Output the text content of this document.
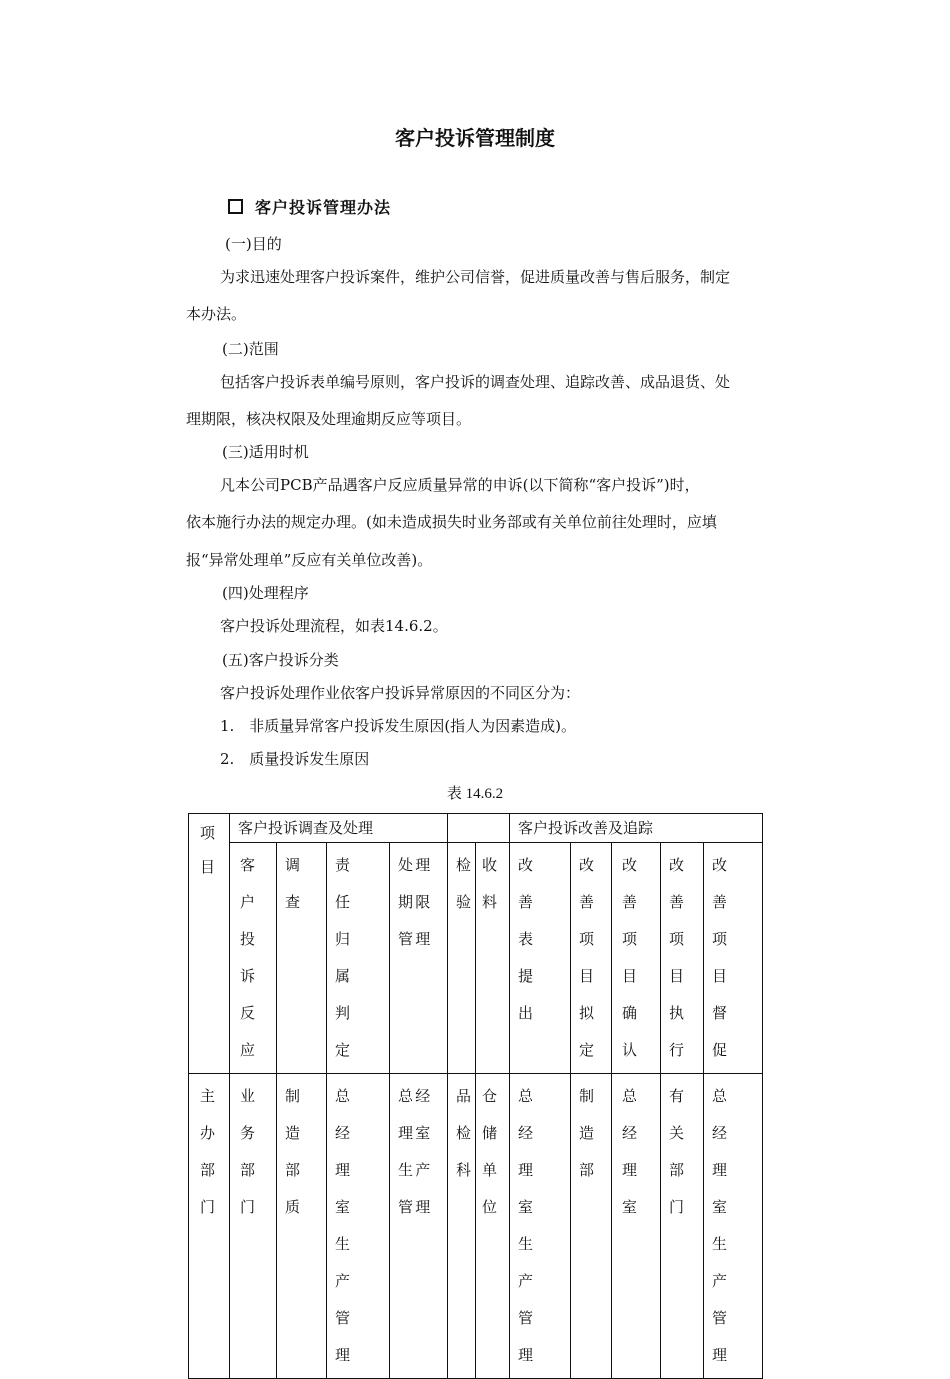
客户投诉管理制度
客户投诉管理办法
(一)目的
为求迅速处理客户投诉案件，维护公司信誉，促进质量改善与售后服务，制定
本办法。
(二)范围
包括客户投诉表单编号原则，客户投诉的调查处理、追踪改善、成品退货、处
理期限，核决权限及处理逾期反应等项目。
(三)适用时机
凡本公司PCB产品遇客户反应质量异常的申诉(以下简称“客户投诉”)时，
依本施行办法的规定办理。(如未造成损失时业务部或有关单位前往处理时，应填
报“异常处理单”反应有关单位改善)。
(四)处理程序
客户投诉处理流程，如表14.6.2。
(五)客户投诉分类
客户投诉处理作业依客户投诉异常原因的不同区分为：
1.　非质量异常客户投诉发生原因(指人为因素造成)。
2.　质量投诉发生原因
表 14.6.2
项目	客户投诉调查及处理						客户投诉改善及追踪				

	客户投诉反应	调查	责任归属判定	处理期限管理	检验	收料	改善表提出	改善项目拟定	改善项目确认	改善项目执行	改善项目督促

主办部门	业务部门	制造部质	总经理室生产管理	总经理室生产管理	品检科	仓储单位	总经理室生产管理	制造部	总经理室	有关部门	总经理室生产管理
